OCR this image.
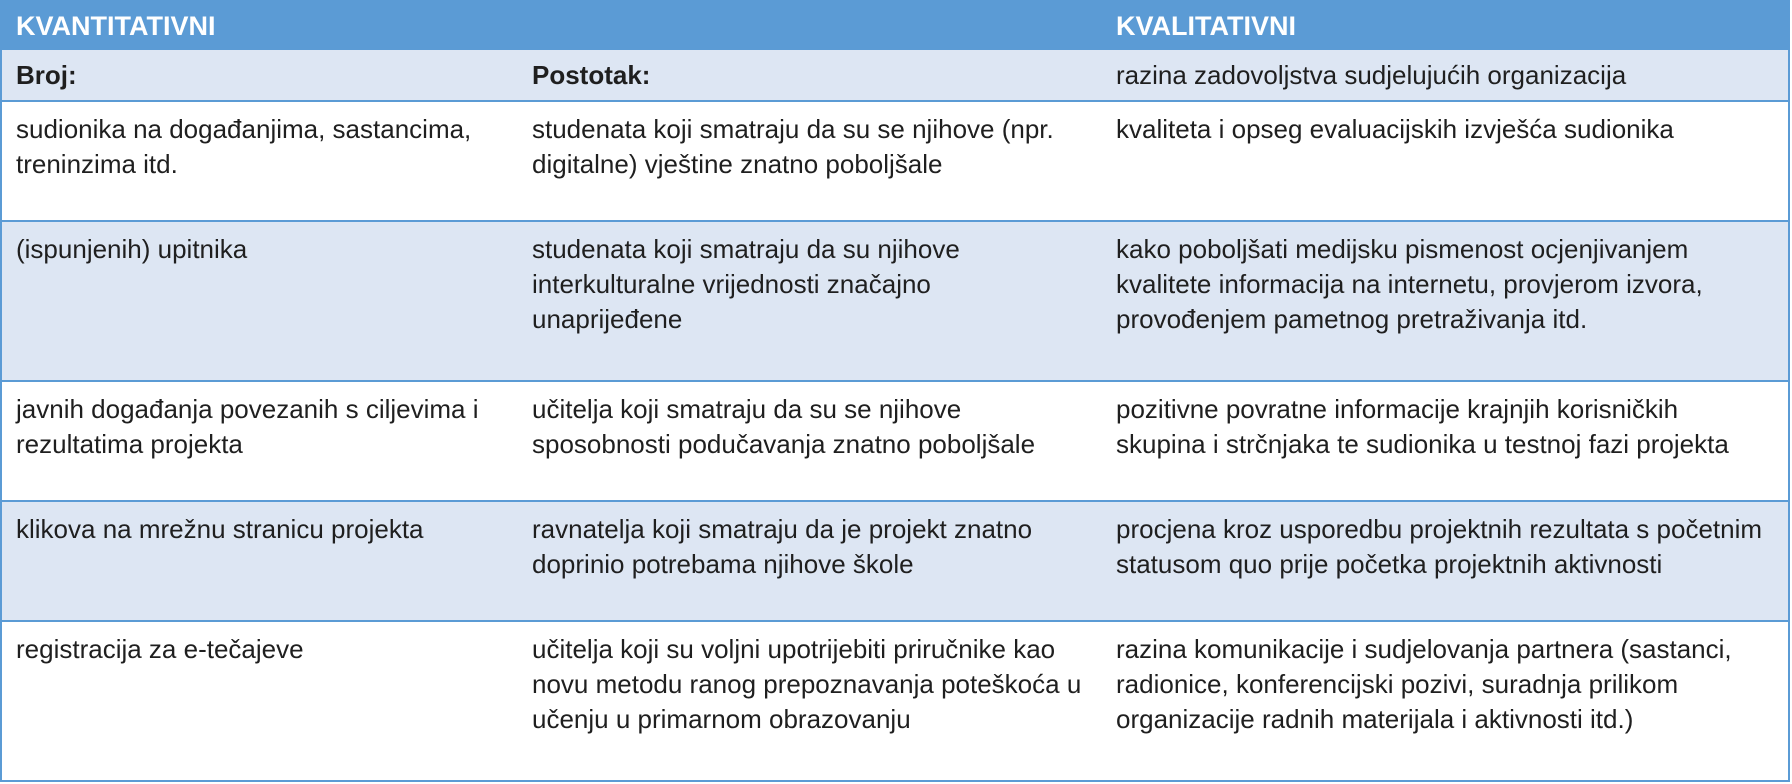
KVANTITATIVNI		KVALITATIVNI
Broj:	Postotak:	razina zadovoljstva sudjelujućih organizacija
sudionika na događanjima, sastancima, treninzima itd.	studenata koji smatraju da su se njihove (npr. digitalne) vještine znatno poboljšale	kvaliteta i opseg evaluacijskih izvješća sudionika
(ispunjenih) upitnika	studenata koji smatraju da su njihove interkulturalne vrijednosti značajno unaprijeđene	kako poboljšati medijsku pismenost ocjenjivanjem kvalitete informacija na internetu, provjerom izvora, provođenjem pametnog pretraživanja itd.
javnih događanja povezanih s ciljevima i rezultatima projekta	učitelja koji smatraju da su se njihove sposobnosti podučavanja znatno poboljšale	pozitivne povratne informacije krajnjih korisničkih skupina i strčnjaka te sudionika u testnoj fazi projekta
klikova na mrežnu stranicu projekta	ravnatelja koji smatraju da je projekt znatno doprinio potrebama njihove škole	procjena kroz usporedbu projektnih rezultata s početnim statusom quo prije početka projektnih aktivnosti
registracija za e-tečajeve	učitelja koji su voljni upotrijebiti priručnike kao novu metodu ranog prepoznavanja poteškoća u učenju u primarnom obrazovanju	razina komunikacije i sudjelovanja partnera (sastanci, radionice, konferencijski pozivi, suradnja prilikom organizacije radnih materijala i aktivnosti itd.)
